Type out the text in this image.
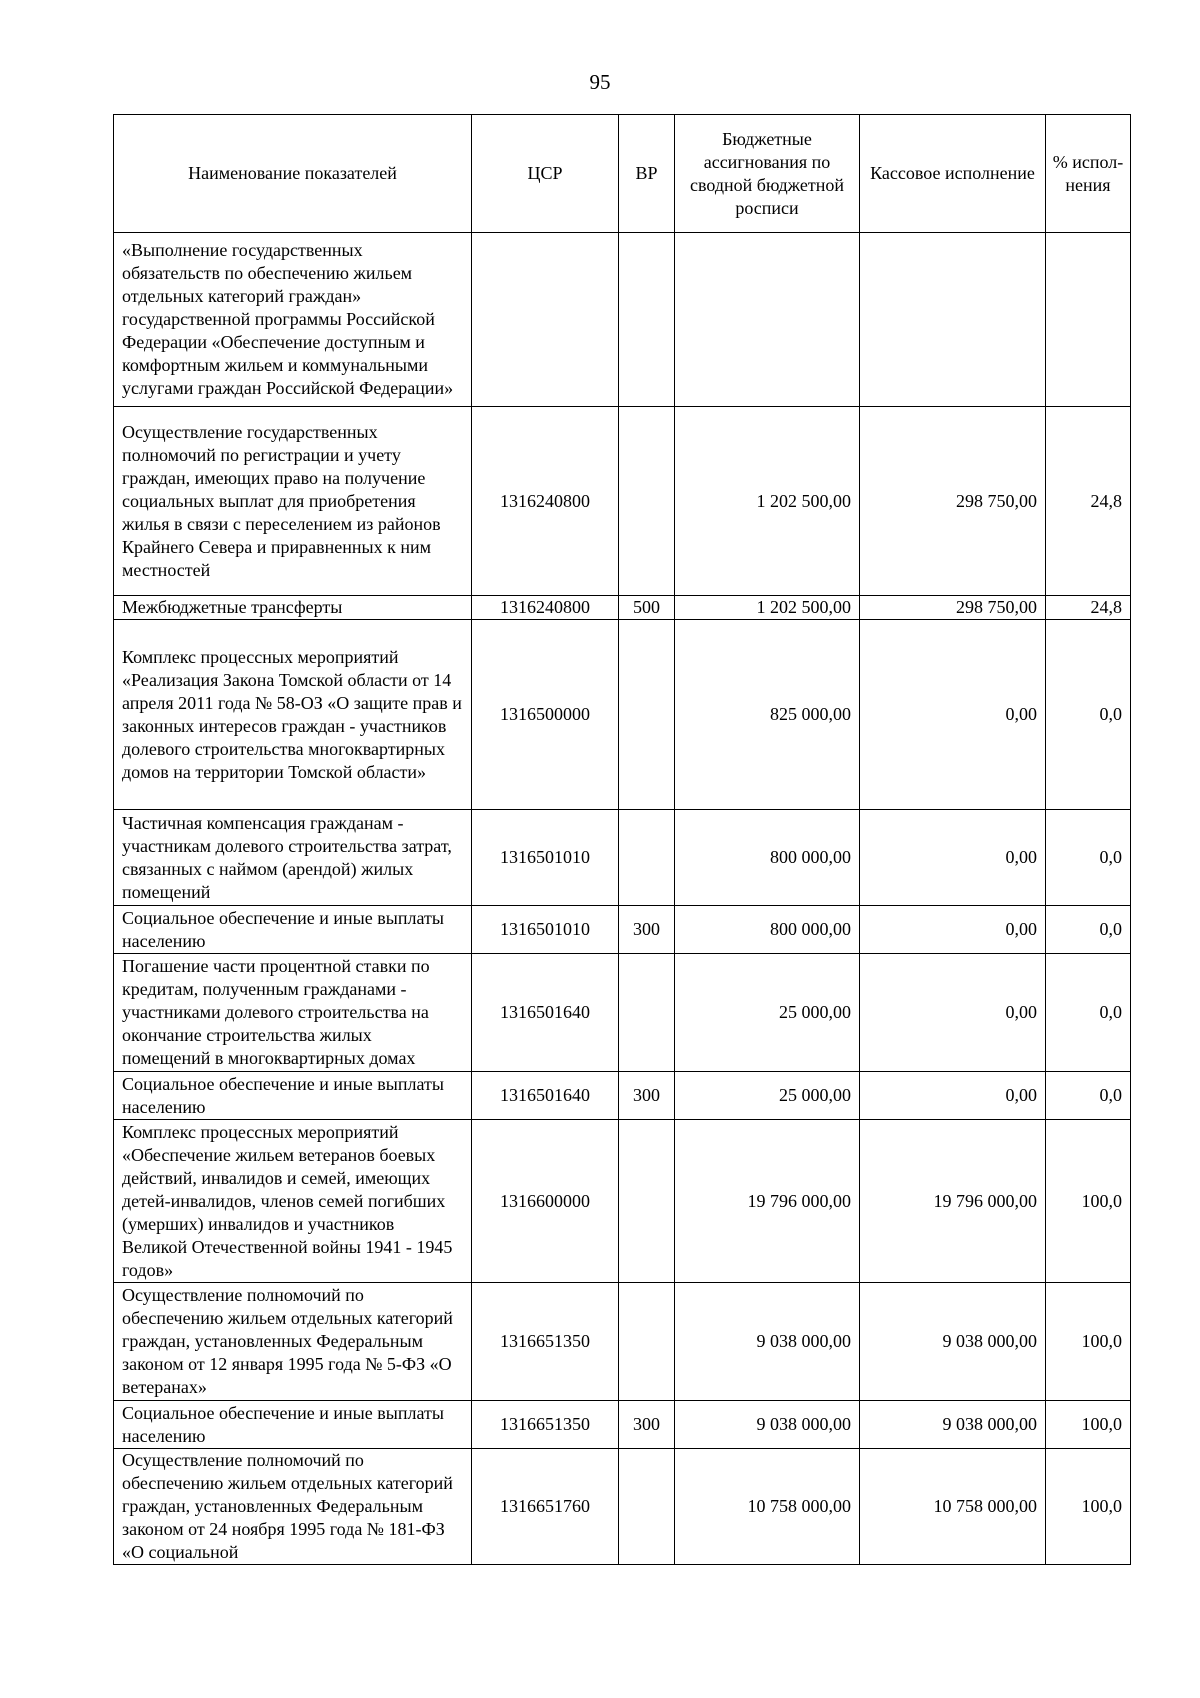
95
Наименование показателей	ЦСР	ВР	Бюджетные ассигнования по сводной бюджетной росписи	Кассовое исполнение	% испол-нения
«Выполнение государственных обязательств по обеспечению жильем отдельных категорий граждан» государственной программы Российской Федерации «Обеспечение доступным и комфортным жильем и коммунальными услугами граждан Российской Федерации»					
Осуществление государственных полномочий по регистрации и учету граждан, имеющих право на получение социальных выплат для приобретения жилья в связи с переселением из районов Крайнего Севера и приравненных к ним местностей	1316240800		1 202 500,00	298 750,00	24,8
Межбюджетные трансферты	1316240800	500	1 202 500,00	298 750,00	24,8
Комплекс процессных мероприятий «Реализация Закона Томской области от 14 апреля 2011 года № 58-ОЗ «О защите прав и законных интересов граждан - участников долевого строительства многоквартирных домов на территории Томской области»	1316500000		825 000,00	0,00	0,0
Частичная компенсация гражданам - участникам долевого строительства затрат, связанных с наймом (арендой) жилых помещений	1316501010		800 000,00	0,00	0,0
Социальное обеспечение и иные выплаты населению	1316501010	300	800 000,00	0,00	0,0
Погашение части процентной ставки по кредитам, полученным гражданами - участниками долевого строительства на окончание строительства жилых помещений в многоквартирных домах	1316501640		25 000,00	0,00	0,0
Социальное обеспечение и иные выплаты населению	1316501640	300	25 000,00	0,00	0,0
Комплекс процессных мероприятий «Обеспечение жильем ветеранов боевых действий, инвалидов и семей, имеющих детей-инвалидов, членов семей погибших (умерших) инвалидов и участников Великой Отечественной войны 1941 - 1945 годов»	1316600000		19 796 000,00	19 796 000,00	100,0
Осуществление полномочий по обеспечению жильем отдельных категорий граждан, установленных Федеральным законом от 12 января 1995 года № 5-ФЗ «О ветеранах»	1316651350		9 038 000,00	9 038 000,00	100,0
Социальное обеспечение и иные выплаты населению	1316651350	300	9 038 000,00	9 038 000,00	100,0
Осуществление полномочий по обеспечению жильем отдельных категорий граждан, установленных Федеральным законом от 24 ноября 1995 года № 181-ФЗ «О социальной	1316651760		10 758 000,00	10 758 000,00	100,0
